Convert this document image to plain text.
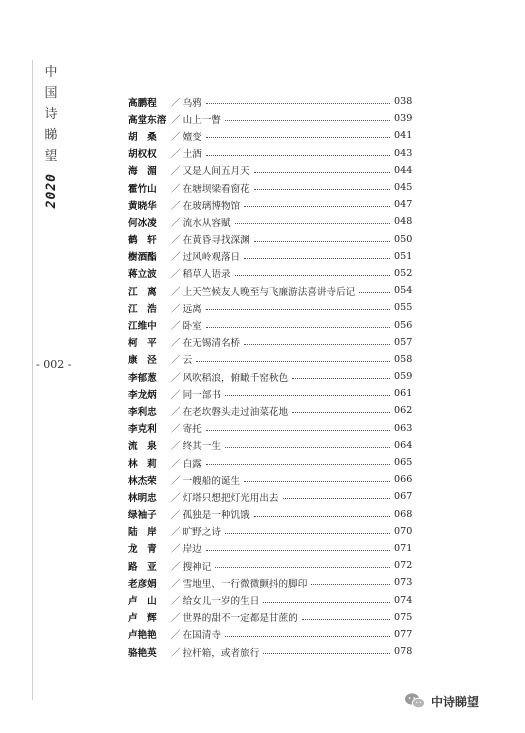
中
国
诗
睇
望
2020
- 002 -
高鹏程	／ 乌鸦	038
高堂东溶 ／ 山上一瞥	039
胡　桑	／ 嬗变	041
胡权权	／ 土酒	043
海　湄	／ 又是人间五月天	044
霍竹山	／ 在塘坝梁看窗花	045
黄晓华	／ 在玻璃博物馆	047
何冰凌	／ 流水从容赋	048
鹤　轩	／ 在黄昏寻找深渊	050
樹酒酯	／ 过风岭观落日	051
蒋立波	／ 稻草人语录	052
江　离	／ 上天竺候友人晚至与飞廉游法喜讲寺后记	054
江　浩	／ 远离	055
江维中	／ 卧室	056
柯　平	／ 在无锡清名桥	057
康　泾	／ 云	058
李郁葱	／ 风吹稻浪，俯瞰千窑秋色	059
李龙炳	／ 同一部书	061
李利忠	／ 在老坎磐头走过油菜花地	062
李克利	／ 寄托	063
流　泉	／ 终其一生	064
林　莉	／ 白露	065
林杰荣	／ 一艘船的诞生	066
林明忠	／ 灯塔只想把灯光用出去	067
绿袖子	／ 孤独是一种饥饿	068
陆　岸	／ 旷野之诗	070
龙　青	／ 岸边	071
路　亚	／ 搜神记	072
老彦娟	／ 雪地里、一行微微颤抖的脚印	073
卢　山	／ 给女儿一岁的生日	074
卢　辉	／ 世界的甜不一定都是甘蔗的	075
卢艳艳	／ 在国清寺	077
骆艳英	／ 拉杆箱，或者旅行	078
中诗睇望
